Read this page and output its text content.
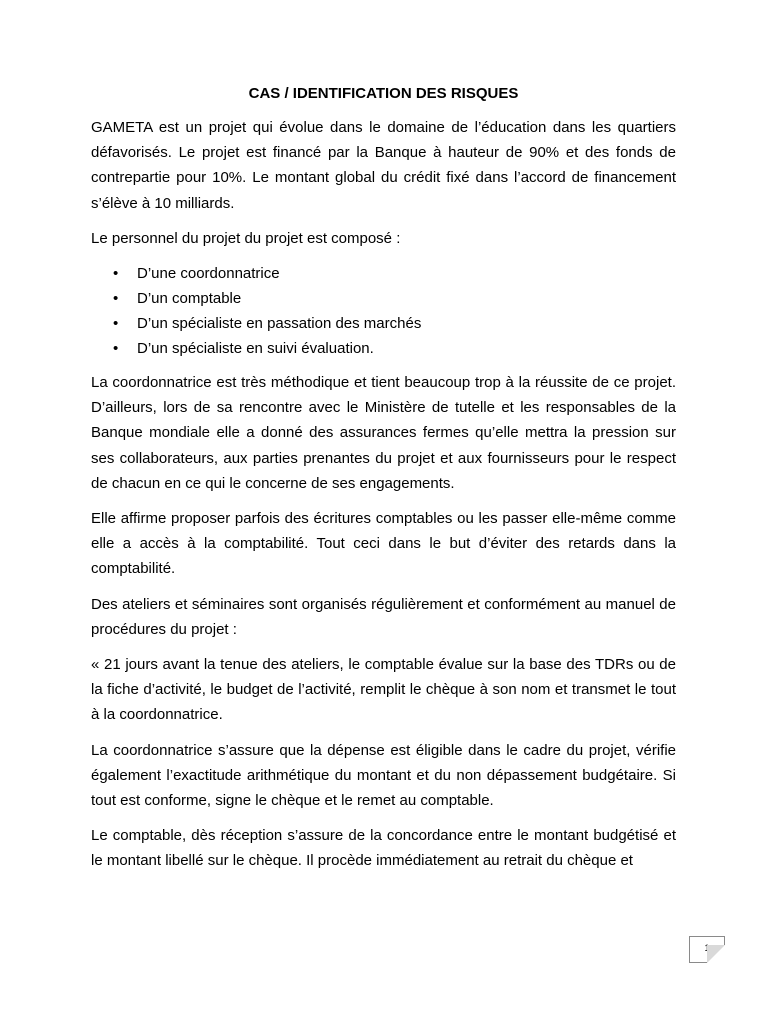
CAS / IDENTIFICATION DES RISQUES

GAMETA est un projet qui évolue dans le domaine de l’éducation dans les quartiers défavorisés. Le projet est financé par la Banque à hauteur de 90% et des fonds de contrepartie pour 10%. Le montant global du crédit fixé dans l’accord de financement s’élève à 10 milliards.

Le personnel du projet du projet est composé :

• D’une coordonnatrice
• D’un comptable
• D’un spécialiste en passation des marchés
• D’un spécialiste en suivi évaluation.

La coordonnatrice est très méthodique et tient beaucoup trop à la réussite de ce projet. D’ailleurs, lors de sa rencontre avec le Ministère de tutelle et les responsables de la Banque mondiale elle a donné des assurances fermes qu’elle mettra la pression sur ses collaborateurs, aux parties prenantes du projet et aux fournisseurs pour le respect de chacun en ce qui le concerne de ses engagements.

Elle affirme proposer parfois des écritures comptables ou les passer elle-même comme elle a accès à la comptabilité. Tout ceci dans le but d’éviter des retards dans la comptabilité.

Des ateliers et séminaires sont organisés régulièrement et conformément au manuel de procédures du projet :

« 21 jours avant la tenue des ateliers, le comptable évalue sur la base des TDRs ou de la fiche d’activité, le budget de l’activité, remplit le chèque à son nom et transmet le tout à la coordonnatrice.

La coordonnatrice s’assure que la dépense est éligible dans le cadre du projet, vérifie également l’exactitude arithmétique du montant et du non dépassement budgétaire. Si tout est conforme, signe le chèque et le remet au comptable.

Le comptable, dès réception s’assure de la concordance entre le montant budgétisé et le montant libellé sur le chèque. Il procède immédiatement au retrait du chèque et

1
